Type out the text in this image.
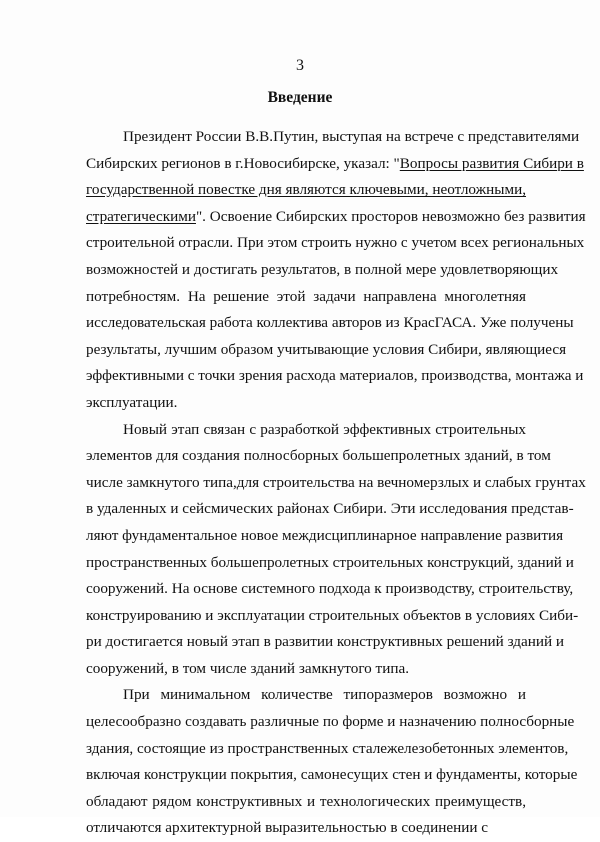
3
Введение
Президент России В.В.Путин, выступая на встрече с представителями
Сибирских регионов в г.Новосибирске, указал: "Вопросы развития Сибири в
государственной повестке дня являются ключевыми, неотложными,
стратегическими". Освоение Сибирских просторов невозможно без развития
строительной отрасли. При этом строить нужно с учетом всех региональных
возможностей и достигать результатов, в полной мере удовлетворяющих
потребностям. На решение этой задачи направлена многолетняя
исследовательская работа коллектива авторов из КрасГАСА. Уже получены
результаты, лучшим образом учитывающие условия Сибири, являющиеся
эффективными с точки зрения расхода материалов, производства, монтажа и
эксплуатации.
Новый этап связан с разработкой эффективных строительных
элементов для создания полносборных большепролетных зданий, в том
числе замкнутого типа,для строительства на вечномерзлых и слабых грунтах
в удаленных и сейсмических районах Сибири. Эти исследования представ-
ляют фундаментальное новое междисциплинарное направление развития
пространственных большепролетных строительных конструкций, зданий и
сооружений. На основе системного подхода к производству, строительству,
конструированию и эксплуатации строительных объектов в условиях Сиби-
ри достигается новый этап в развитии конструктивных решений зданий и
сооружений, в том числе зданий замкнутого типа.
При минимальном количестве типоразмеров возможно и
целесообразно создавать различные по форме и назначению полносборные
здания, состоящие из пространственных сталежелезобетонных элементов,
включая конструкции покрытия, самонесущих стен и фундаменты, которые
обладают рядом конструктивных и технологических преимуществ,
отличаются архитектурной выразительностью в соединении с
